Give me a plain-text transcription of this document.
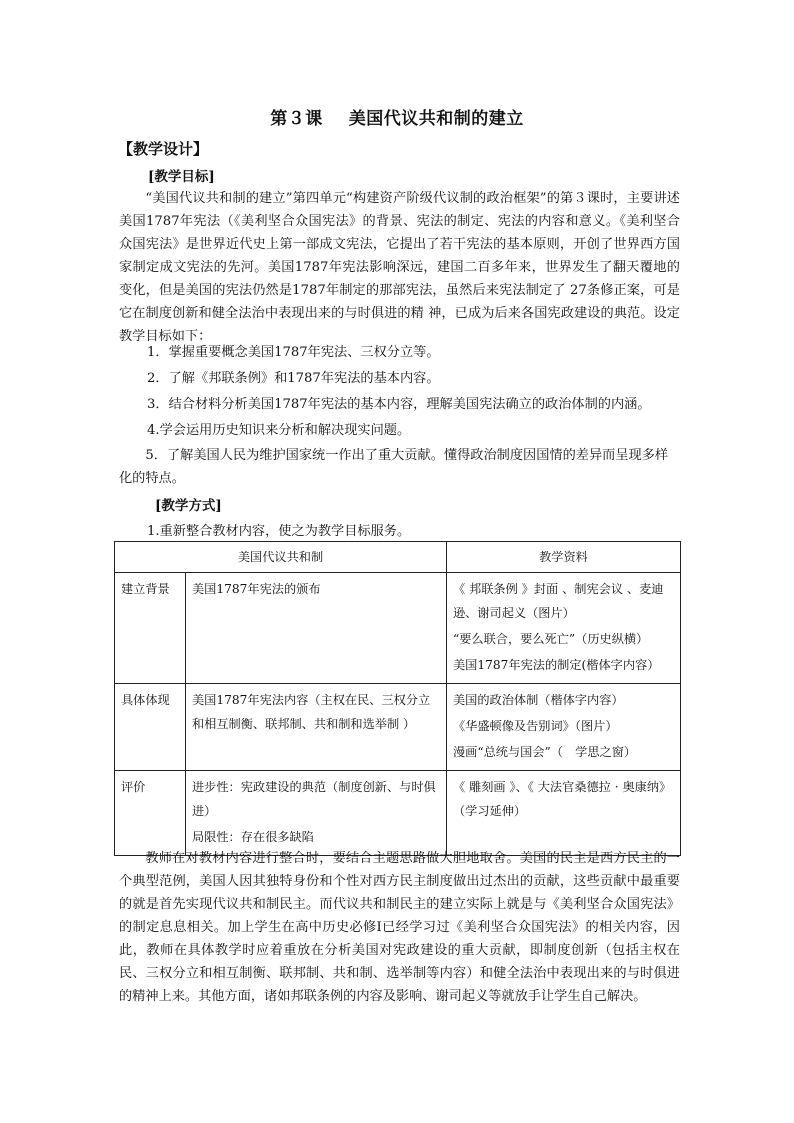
第３课 美国代议共和制的建立
【教学设计】
[教学目标]

“美国代议共和制的建立”第四单元“构建资产阶级代议制的政治框架”的第３课时，主要讲述美国1787年宪法（《美利坚合众国宪法》的背景、宪法的制定、宪法的内容和意义。《美利坚合众国宪法》是世界近代史上第一部成文宪法，它提出了若干宪法的基本原则，开创了世界西方国家制定成文宪法的先河。美国1787年宪法影响深远，建国二百多年来，世界发生了翻天覆地的变化，但是美国的宪法仍然是1787年制定的那部宪法，虽然后来宪法制定了 27条修正案，可是它在制度创新和健全法治中表现出来的与时俱进的精 神，已成为后来各国宪政建设的典范。设定教学目标如下：

1．掌握重要概念美国1787年宪法、三权分立等。

2．了解《邦联条例》和1787年宪法的基本内容。

3．结合材料分析美国1787年宪法的基本内容，理解美国宪法确立的政治体制的内涵。

4.学会运用历史知识来分析和解决现实问题。

5．了解美国人民为维护国家统一作出了重大贡献。懂得政治制度因国情的差异而呈现多样化的特点。

[教学方式]

1.重新整合教材内容，使之为教学目标服务。

美国代议共和制		教学资料
建立背景	美国1787年宪法的颁布	《 邦联条例 》封面 、制宪会议 、麦迪逊、谢司起义（图片）
“要么联合，要么死亡”（历史纵横）
美国1787年宪法的制定(楷体字内容）

具体体现	美国1787年宪法内容（主权在民、三权分立和相互制衡、联邦制、共和制和选举制 ）	美国的政治体制（楷体字内容）
《华盛顿像及告别词》（图片）
漫画“总统与国会”（　学思之窗）

评价	进步性：宪政建设的典范（制度创新、与时俱进）
局限性：存在很多缺陷	《 雕刻画 》、《 大法官桑德拉 · 奥康纳》（学习延伸）

教师在对教材内容进行整合时，要结合主题思路做大胆地取舍。美国的民主是西方民主的一个典型范例，美国人因其独特身份和个性对西方民主制度做出过杰出的贡献，这些贡献中最重要的就是首先实现代议共和制民主。而代议共和制民主的建立实际上就是与《美利坚合众国宪法》的制定息息相关。加上学生在高中历史必修Ⅰ已经学习过《美利坚合众国宪法》的相关内容，因此，教师在具体教学时应着重放在分析美国对宪政建设的重大贡献，即制度创新（包括主权在民、三权分立和相互制衡、联邦制、共和制、选举制等内容）和健全法治中表现出来的与时俱进的精神上来。其他方面，诸如邦联条例的内容及影响、谢司起义等就放手让学生自己解决。
